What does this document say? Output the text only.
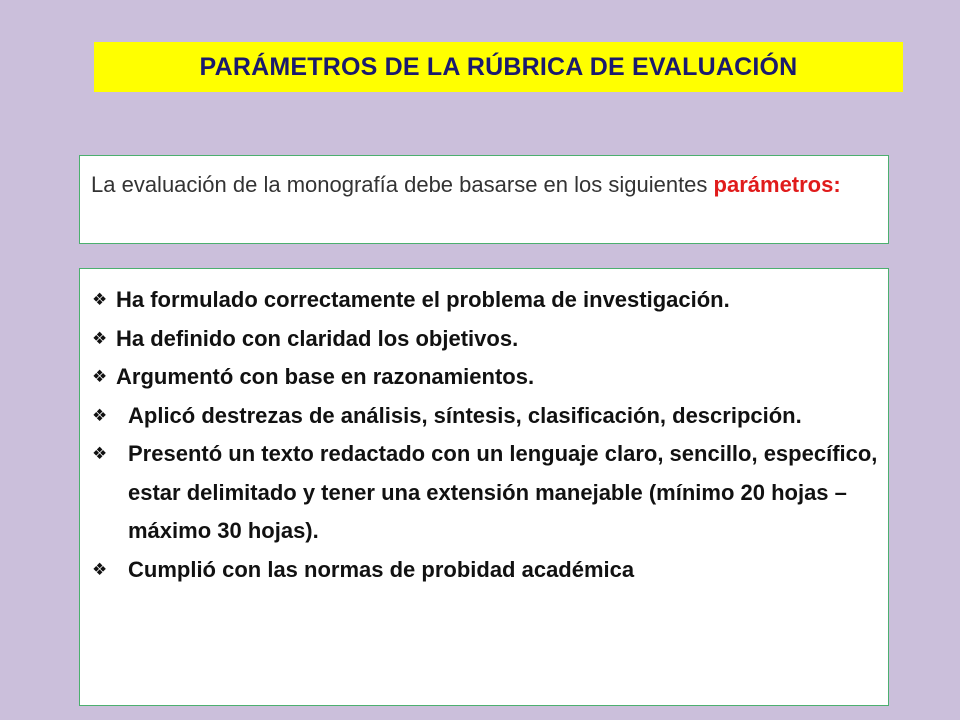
PARÁMETROS DE LA RÚBRICA DE EVALUACIÓN
La evaluación de la monografía debe basarse en los siguientes parámetros:
❖ Ha formulado correctamente el problema de investigación.
❖ Ha definido con claridad los objetivos.
❖ Argumentó con base en razonamientos.
❖ Aplicó destrezas de análisis, síntesis, clasificación, descripción.
❖ Presentó un texto redactado con un lenguaje claro, sencillo, específico, estar delimitado y tener una extensión manejable (mínimo 20 hojas – máximo 30 hojas).
❖ Cumplió con las normas de probidad académica
